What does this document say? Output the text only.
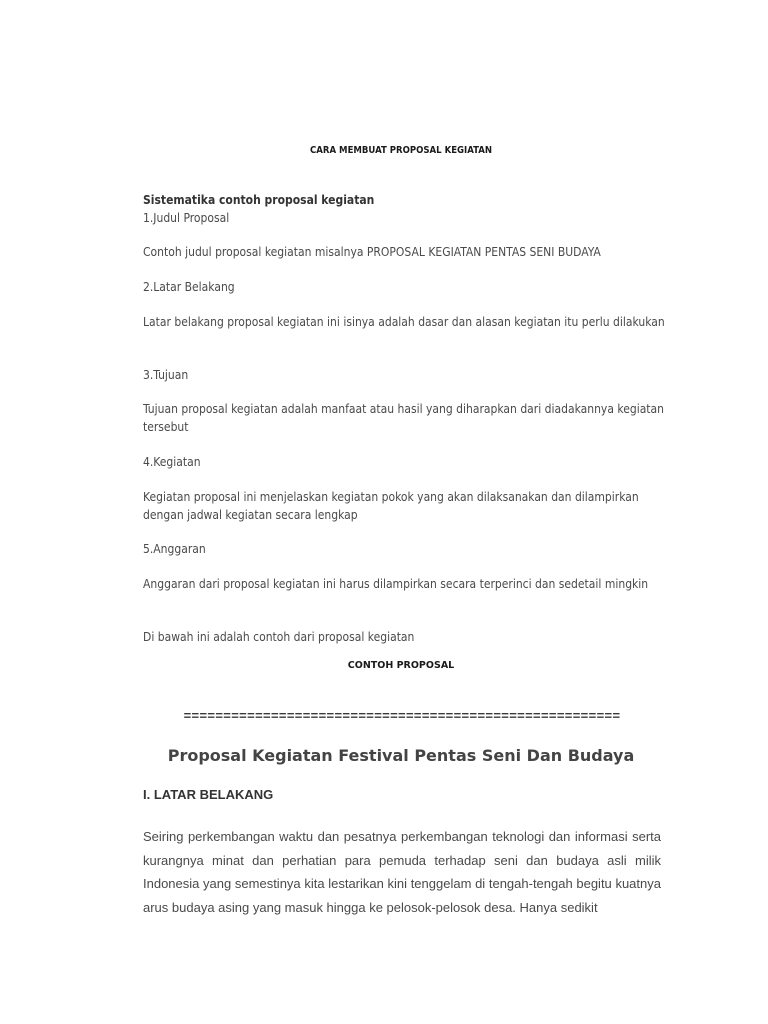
CARA MEMBUAT PROPOSAL KEGIATAN
Sistematika contoh proposal kegiatan
1.Judul Proposal
Contoh judul proposal kegiatan misalnya PROPOSAL KEGIATAN PENTAS SENI BUDAYA
2.Latar Belakang
Latar belakang proposal kegiatan ini isinya adalah dasar dan alasan kegiatan itu perlu dilakukan
3.Tujuan
Tujuan proposal kegiatan adalah manfaat atau hasil yang diharapkan dari diadakannya kegiatan tersebut
4.Kegiatan
Kegiatan proposal ini menjelaskan kegiatan pokok yang akan dilaksanakan dan dilampirkan dengan jadwal kegiatan secara lengkap
5.Anggaran
Anggaran dari proposal kegiatan ini harus dilampirkan secara terperinci dan sedetail mingkin
Di bawah ini adalah contoh dari proposal kegiatan
CONTOH PROPOSAL
=======================================================
Proposal Kegiatan Festival Pentas Seni Dan Budaya
I. LATAR BELAKANG
Seiring perkembangan waktu dan pesatnya perkembangan teknologi dan informasi serta kurangnya minat dan perhatian para pemuda terhadap seni dan budaya asli milik Indonesia yang semestinya kita lestarikan kini tenggelam di tengah-tengah begitu kuatnya arus budaya asing yang masuk hingga ke pelosok-pelosok desa. Hanya sedikit
